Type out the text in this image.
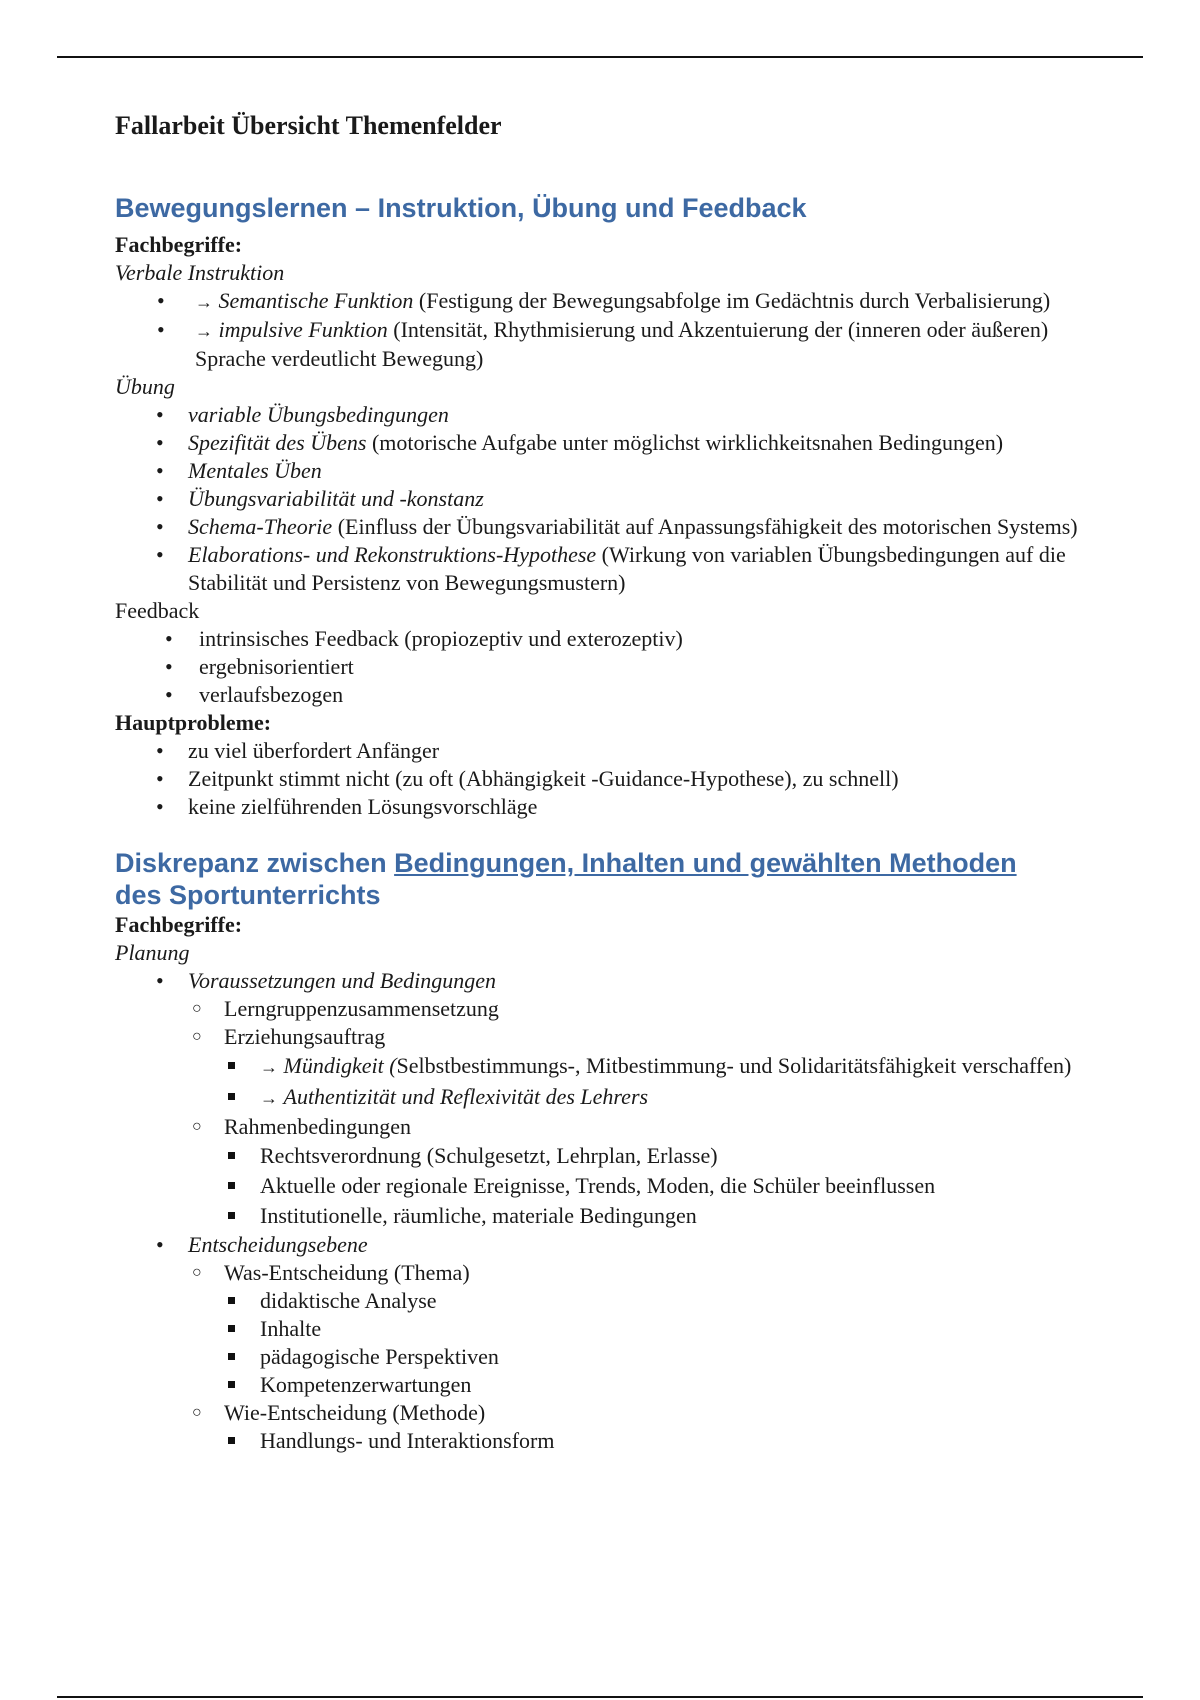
Fallarbeit Übersicht Themenfelder
Bewegungslernen – Instruktion, Übung und Feedback
Fachbegriffe:
Verbale Instruktion
• → Semantische Funktion (Festigung der Bewegungsabfolge im Gedächtnis durch Verbalisierung)
• → impulsive Funktion (Intensität, Rhythmisierung und Akzentuierung der (inneren oder äußeren) Sprache verdeutlicht Bewegung)
Übung
• variable Übungsbedingungen
• Spezifität des Übens (motorische Aufgabe unter möglichst wirklichkeitsnahen Bedingungen)
• Mentales Üben
• Übungsvariabilität und -konstanz
• Schema-Theorie (Einfluss der Übungsvariabilität auf Anpassungsfähigkeit des motorischen Systems)
• Elaborations- und Rekonstruktions-Hypothese (Wirkung von variablen Übungsbedingungen auf die Stabilität und Persistenz von Bewegungsmustern)
Feedback
• intrinsisches Feedback (propiozeptiv und exterozeptiv)
• ergebnisorientiert
• verlaufsbezogen
Hauptprobleme:
• zu viel überfordert Anfänger
• Zeitpunkt stimmt nicht (zu oft (Abhängigkeit -Guidance-Hypothese), zu schnell)
• keine zielführenden Lösungsvorschläge
Diskrepanz zwischen Bedingungen, Inhalten und gewählten Methoden
des Sportunterrichts
Fachbegriffe:
Planung
• Voraussetzungen und Bedingungen
○ Lerngruppenzusammensetzung
○ Erziehungsauftrag
→ Mündigkeit (Selbstbestimmungs-, Mitbestimmung- und Solidaritätsfähigkeit verschaffen)
→ Authentizität und Reflexivität des Lehrers
○ Rahmenbedingungen
Rechtsverordnung (Schulgesetzt, Lehrplan, Erlasse)
Aktuelle oder regionale Ereignisse, Trends, Moden, die Schüler beeinflussen
Institutionelle, räumliche, materiale Bedingungen
• Entscheidungsebene
○ Was-Entscheidung (Thema)
didaktische Analyse
Inhalte
pädagogische Perspektiven
Kompetenzerwartungen
○ Wie-Entscheidung (Methode)
Handlungs- und Interaktionsform
